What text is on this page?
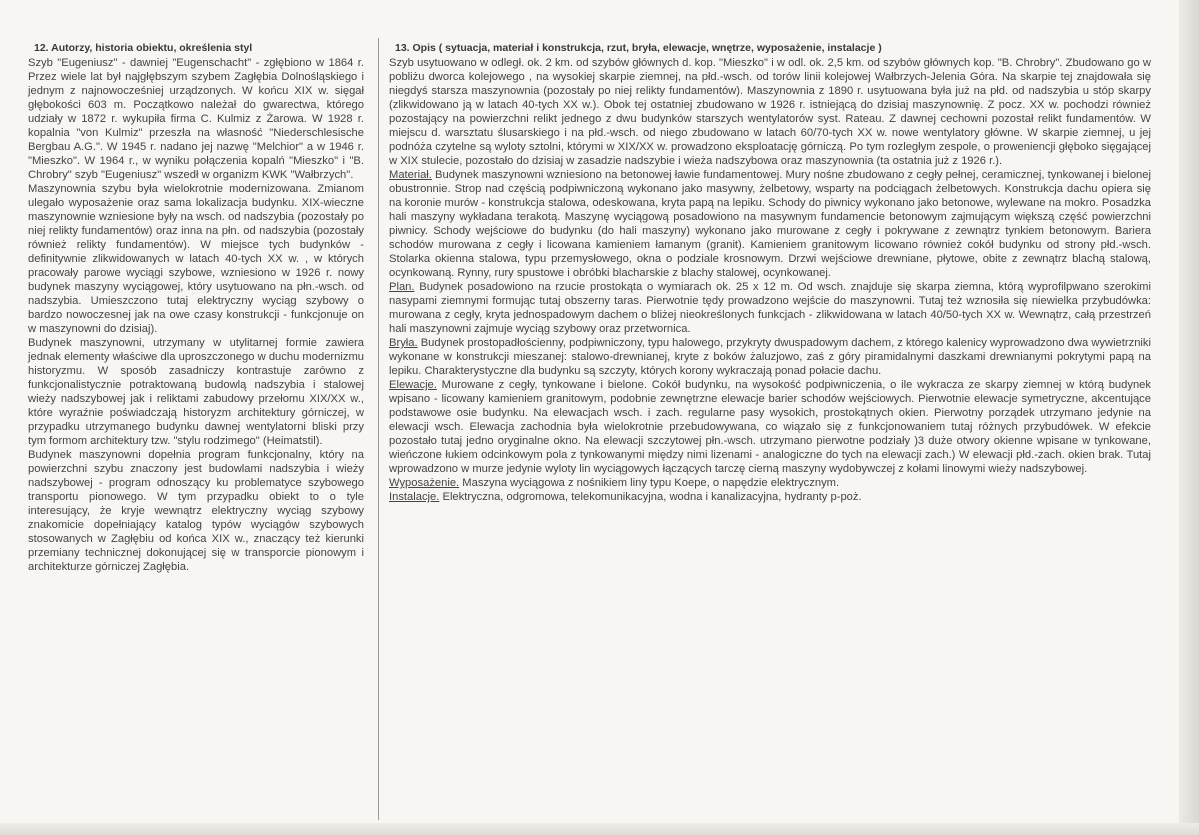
12. Autorzy, historia obiektu, określenia styl

Szyb "Eugeniusz" - dawniej "Eugenschacht" - zgłębiono w 1864 r. Przez wiele lat był najgłębszym szybem Zagłębia Dolnośląskiego i jednym z najnowocześniej urządzonych. W końcu XIX w. sięgał głębokości 603 m. Początkowo należał do gwarectwa, którego udziały w 1872 r. wykupiła firma C. Kulmiz z Żarowa. W 1928 r. kopalnia "von Kulmiz" przeszła na własność "Niederschlesische Bergbau A.G.". W 1945 r. nadano jej nazwę "Melchior" a w 1946 r. "Mieszko". W 1964 r., w wyniku połączenia kopalń "Mieszko" i "B. Chrobry" szyb "Eugeniusz" wszedł w organizm KWK "Wałbrzych".

Maszynownia szybu była wielokrotnie modernizowana. Zmianom ulegało wyposażenie oraz sama lokalizacja budynku. XIX-wieczne maszynownie wzniesione były na wsch. od nadszybia (pozostały po niej relikty fundamentów) oraz inna na płn. od nadszybia (pozostały również relikty fundamentów). W miejsce tych budynków - definitywnie zlikwidowanych w latach 40-tych XX w. , w których pracowały parowe wyciągi szybowe, wzniesiono w 1926 r. nowy budynek maszyny wyciągowej, który usytuowano na płn.-wsch. od nadszybia. Umieszczono tutaj elektryczny wyciąg szybowy o bardzo nowoczesnej jak na owe czasy konstrukcji - funkcjonuje on w maszynowni do dzisiaj).

Budynek maszynowni, utrzymany w utylitarnej formie zawiera jednak elementy właściwe dla uproszczonego w duchu modernizmu historyzmu. W sposób zasadniczy kontrastuje zarówno z funkcjonalistycznie potraktowaną budowlą nadszybia i stalowej wieży nadszybowej jak i reliktami zabudowy przełomu XIX/XX w., które wyraźnie poświadczają historyzm architektury górniczej, w przypadku utrzymanego budynku dawnej wentylatorni bliski przy tym formom architektury tzw. "stylu rodzimego" (Heimatstil).

Budynek maszynowni dopełnia program funkcjonalny, który na powierzchni szybu znaczony jest budowlami nadszybia i wieży nadszybowej - program odnoszący ku problematyce szybowego transportu pionowego. W tym przypadku obiekt to o tyle interesujący, że kryje wewnątrz elektryczny wyciąg szybowy znakomicie dopełniający katalog typów wyciągów szybowych stosowanych w Zagłębiu od końca XIX w., znaczący też kierunki przemiany technicznej dokonującej się w transporcie pionowym i architekturze górniczej Zagłębia.

13. Opis ( sytuacja, materiał i konstrukcja, rzut, bryła, elewacje, wnętrze, wyposażenie, instalacje )

Szyb usytuowano w odległ. ok. 2 km. od szybów głównych d. kop. "Mieszko" i w odl. ok. 2,5 km. od szybów głównych kop. "B. Chrobry". Zbudowano go w pobliżu dworca kolejowego , na wysokiej skarpie ziemnej, na płd.-wsch. od torów linii kolejowej Wałbrzych-Jelenia Góra. Na skarpie tej znajdowała się niegdyś starsza maszynownia (pozostały po niej relikty fundamentów). Maszynownia z 1890 r. usytuowana była już na płd. od nadszybia u stóp skarpy (zlikwidowano ją w latach 40-tych XX w.). Obok tej ostatniej zbudowano w 1926 r. istniejącą do dzisiaj maszynownię. Z pocz. XX w. pochodzi również pozostający na powierzchni relikt jednego z dwu budynków starszych wentylatorów syst. Rateau. Z dawnej cechowni pozostał relikt fundamentów. W miejscu d. warsztatu ślusarskiego i na płd.-wsch. od niego zbudowano w latach 60/70-tych XX w. nowe wentylatory główne. W skarpie ziemnej, u jej podnóża czytelne są wyloty sztolni, którymi w XIX/XX w. prowadzono eksploatację górniczą. Po tym rozległym zespole, o proweniencji głęboko sięgającej w XIX stulecie, pozostało do dzisiaj w zasadzie nadszybie i wieża nadszybowa oraz maszynownia (ta ostatnia już z 1926 r.).

Materiał. Budynek maszynowni wzniesiono na betonowej ławie fundamentowej. Mury nośne zbudowano z cegły pełnej, ceramicznej, tynkowanej i bielonej obustronnie. Strop nad częścią podpiwniczoną wykonano jako masywny, żelbetowy, wsparty na podciągach żelbetowych. Konstrukcja dachu opiera się na koronie murów - konstrukcja stalowa, odeskowana, kryta papą na lepiku. Schody do piwnicy wykonano jako betonowe, wylewane na mokro. Posadzka hali maszyny wykładana terakotą. Maszynę wyciągową posadowiono na masywnym fundamencie betonowym zajmującym większą część powierzchni piwnicy. Schody wejściowe do budynku (do hali maszyny) wykonano jako murowane z cegły i pokrywane z zewnątrz tynkiem betonowym. Bariera schodów murowana z cegły i licowana kamieniem łamanym (granit). Kamieniem granitowym licowano również cokół budynku od strony płd.-wsch. Stolarka okienna stalowa, typu przemysłowego, okna o podziale krosnowym. Drzwi wejściowe drewniane, płytowe, obite z zewnątrz blachą stalową, ocynkowaną. Rynny, rury spustowe i obróbki blacharskie z blachy stalowej, ocynkowanej.

Plan. Budynek posadowiono na rzucie prostokąta o wymiarach ok. 25 x 12 m. Od wsch. znajduje się skarpa ziemna, którą wyprofilpwano szerokimi nasypami ziemnymi formując tutaj obszerny taras. Pierwotnie tędy prowadzono wejście do maszynowni. Tutaj też wznosiła się niewielka przybudówka: murowana z cegły, kryta jednospadowym dachem o bliżej nieokreślonych funkcjach - zlikwidowana w latach 40/50-tych XX w. Wewnątrz, całą przestrzeń hali maszynowni zajmuje wyciąg szybowy oraz przetwornica.

Bryła. Budynek prostopadłościenny, podpiwniczony, typu halowego, przykryty dwuspadowym dachem, z którego kalenicy wyprowadzono dwa wywietrzniki wykonane w konstrukcji mieszanej: stalowo-drewnianej, kryte z boków żaluzjowo, zaś z góry piramidalnymi daszkami drewnianymi pokrytymi papą na lepiku. Charakterystyczne dla budynku są szczyty, których korony wykraczają ponad połacie dachu.

Elewacje. Murowane z cegły, tynkowane i bielone. Cokół budynku, na wysokość podpiwniczenia, o ile wykracza ze skarpy ziemnej w którą budynek wpisano - licowany kamieniem granitowym, podobnie zewnętrzne elewacje barier schodów wejściowych. Pierwotnie elewacje symetryczne, akcentujące podstawowe osie budynku. Na elewacjach wsch. i zach. regularne pasy wysokich, prostokątnych okien. Pierwotny porządek utrzymano jedynie na elewacji wsch. Elewacja zachodnia była wielokrotnie przebudowywana, co wiązało się z funkcjonowaniem tutaj różnych przybudówek. W efekcie pozostało tutaj jedno oryginalne okno. Na elewacji szczytowej płn.-wsch. utrzymano pierwotne podziały )3 duże otwory okienne wpisane w tynkowane, wieńczone łukiem odcinkowym pola z tynkowanymi między nimi lizenami - analogiczne do tych na elewacji zach.) W elewacji płd.-zach. okien brak. Tutaj wprowadzono w murze jedynie wyloty lin wyciągowych łączących tarczę cierną maszyny wydobywczej z kołami linowymi wieży nadszybowej.

Wyposażenie. Maszyna wyciągowa z nośnikiem liny typu Koepe, o napędzie elektrycznym.

Instalacje. Elektryczna, odgromowa, telekomunikacyjna, wodna i kanalizacyjna, hydranty p-poż.
